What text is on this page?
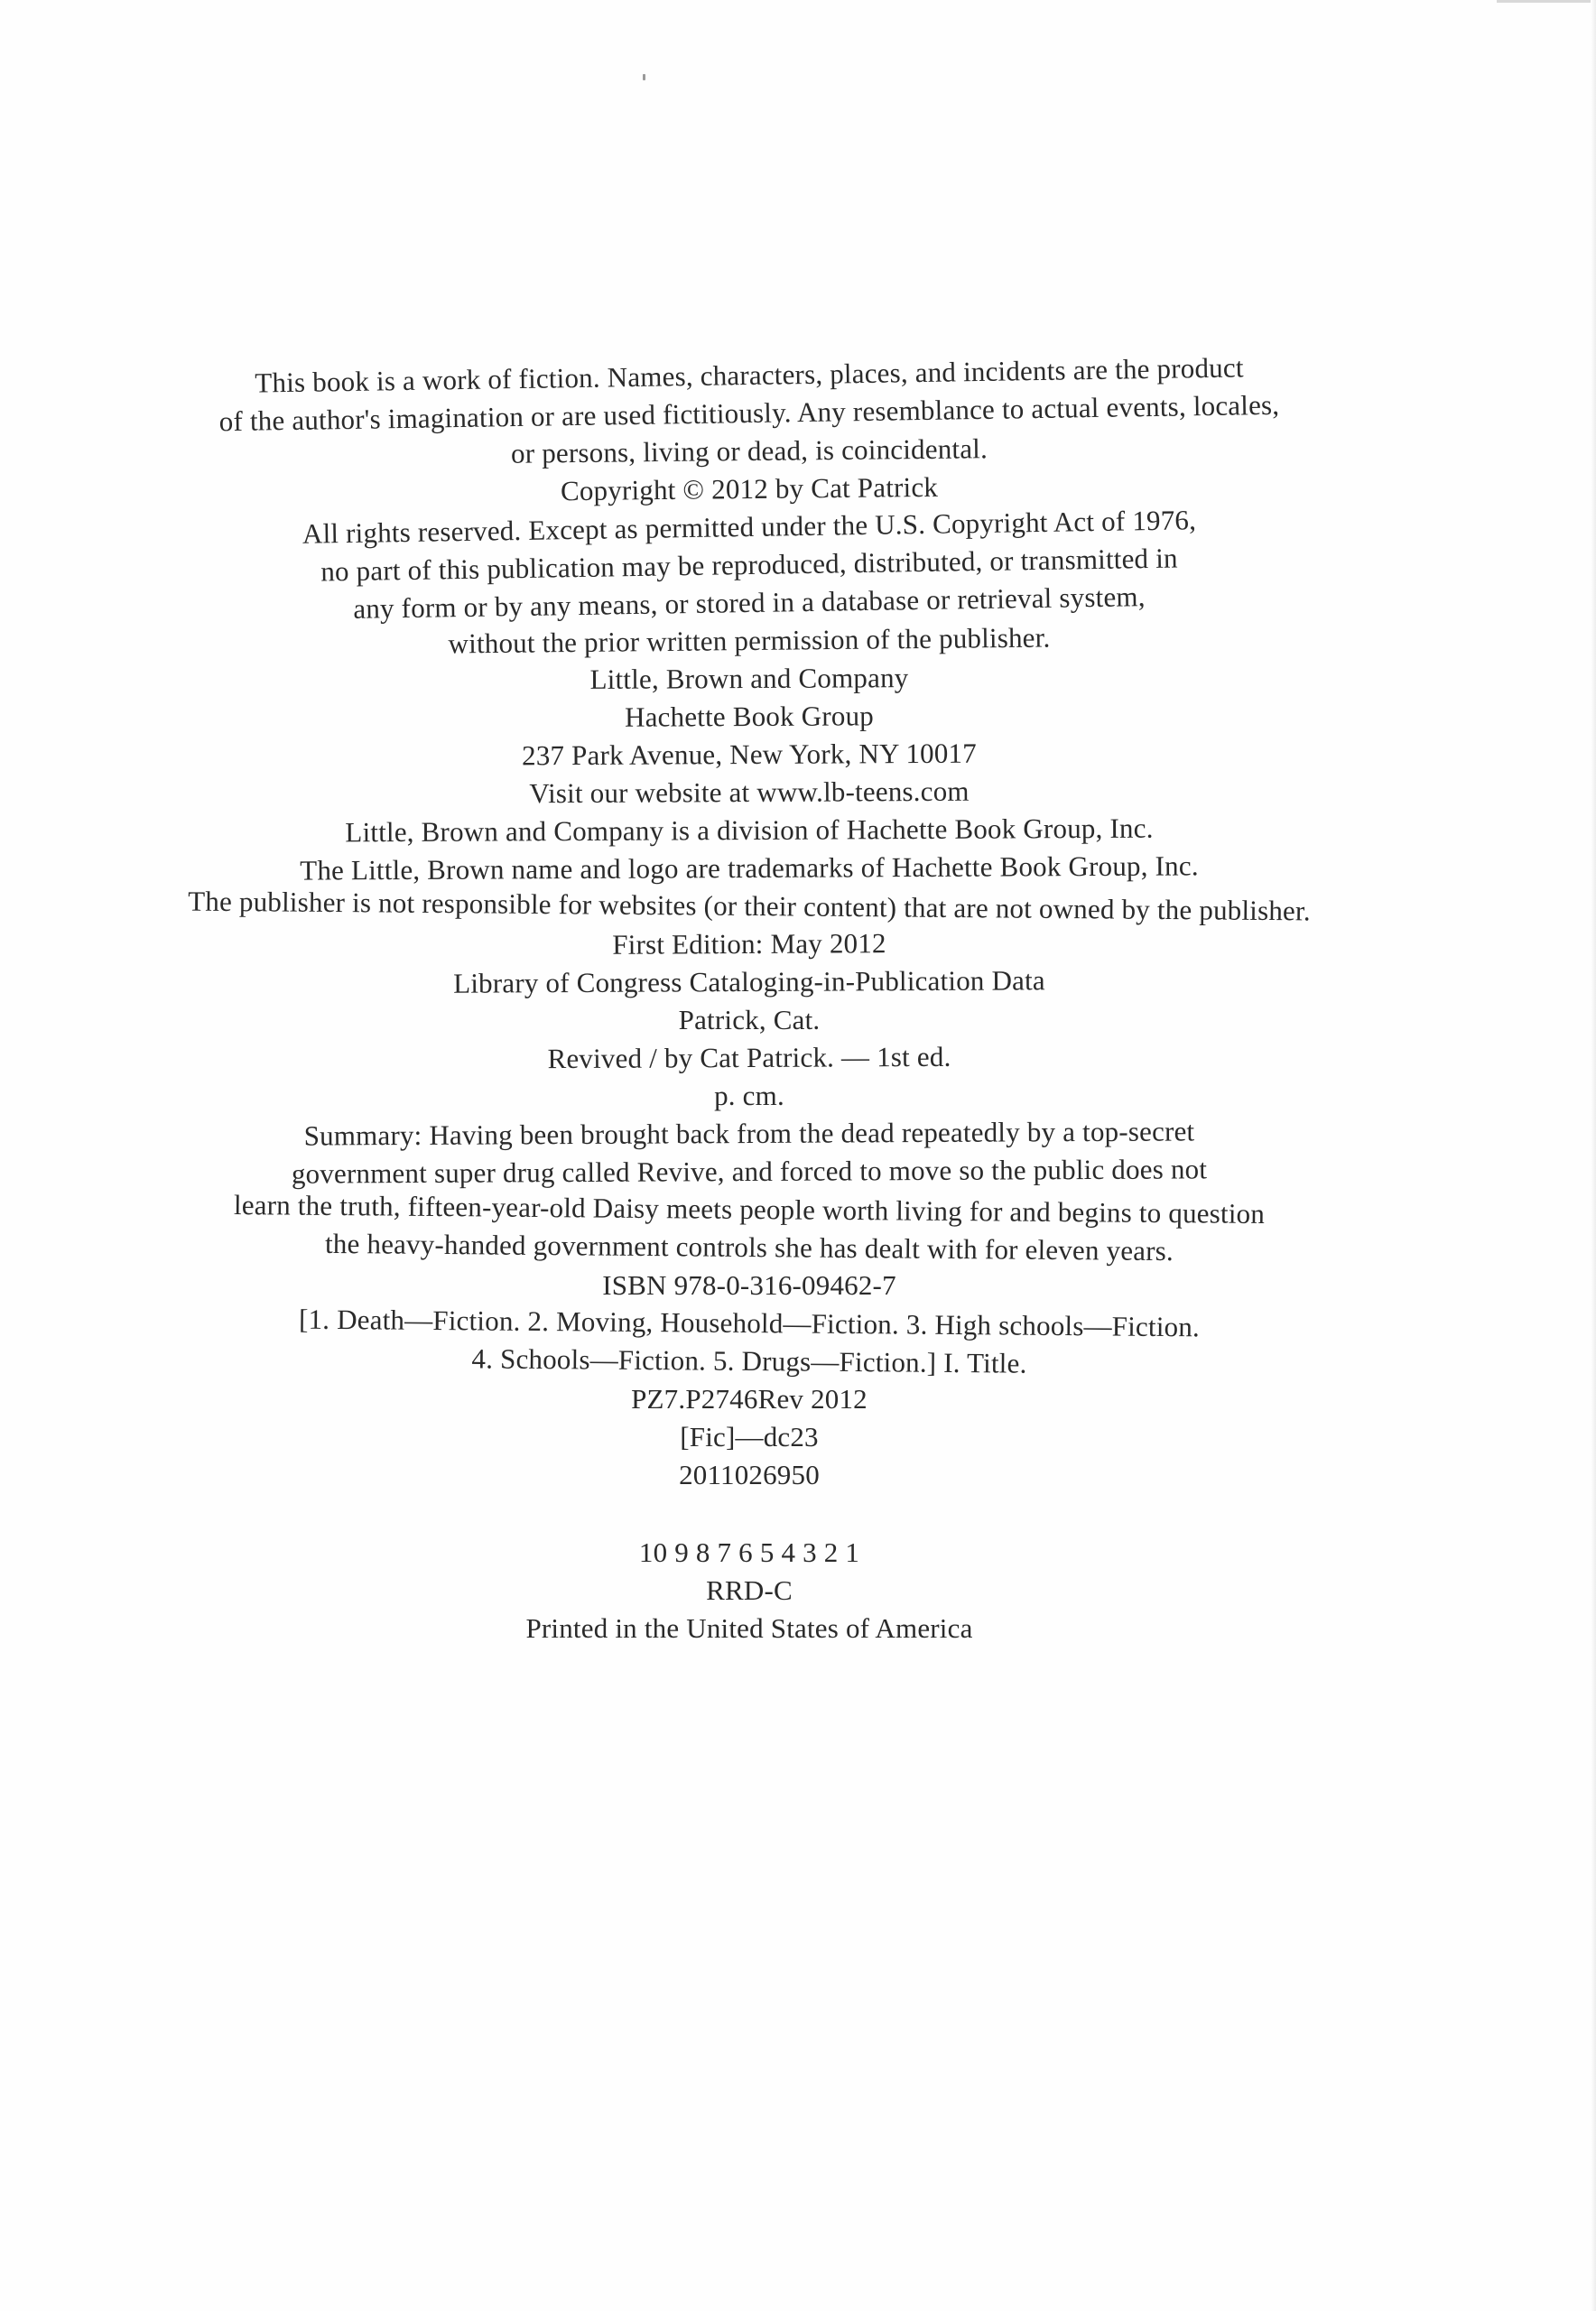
This book is a work of fiction. Names, characters, places, and incidents are the product
of the author's imagination or are used fictitiously. Any resemblance to actual events, locales,
or persons, living or dead, is coincidental.

Copyright © 2012 by Cat Patrick

All rights reserved. Except as permitted under the U.S. Copyright Act of 1976,
no part of this publication may be reproduced, distributed, or transmitted in
any form or by any means, or stored in a database or retrieval system,
without the prior written permission of the publisher.

Little, Brown and Company

Hachette Book Group
237 Park Avenue, New York, NY 10017
Visit our website at www.lb-teens.com

Little, Brown and Company is a division of Hachette Book Group, Inc.
The Little, Brown name and logo are trademarks of Hachette Book Group, Inc.

The publisher is not responsible for websites (or their content) that are not owned by the publisher.

First Edition: May 2012

Library of Congress Cataloging-in-Publication Data

Patrick, Cat.
Revived / by Cat Patrick. — 1st ed.
p. cm.
Summary: Having been brought back from the dead repeatedly by a top-secret
government super drug called Revive, and forced to move so the public does not
learn the truth, fifteen-year-old Daisy meets people worth living for and begins to question
the heavy-handed government controls she has dealt with for eleven years.
ISBN 978-0-316-09462-7
[1. Death—Fiction. 2. Moving, Household—Fiction. 3. High schools—Fiction.
4. Schools—Fiction. 5. Drugs—Fiction.] I. Title.
PZ7.P2746Rev 2012
[Fic]—dc23
2011026950

10 9 8 7 6 5 4 3 2 1

RRD-C

Printed in the United States of America
